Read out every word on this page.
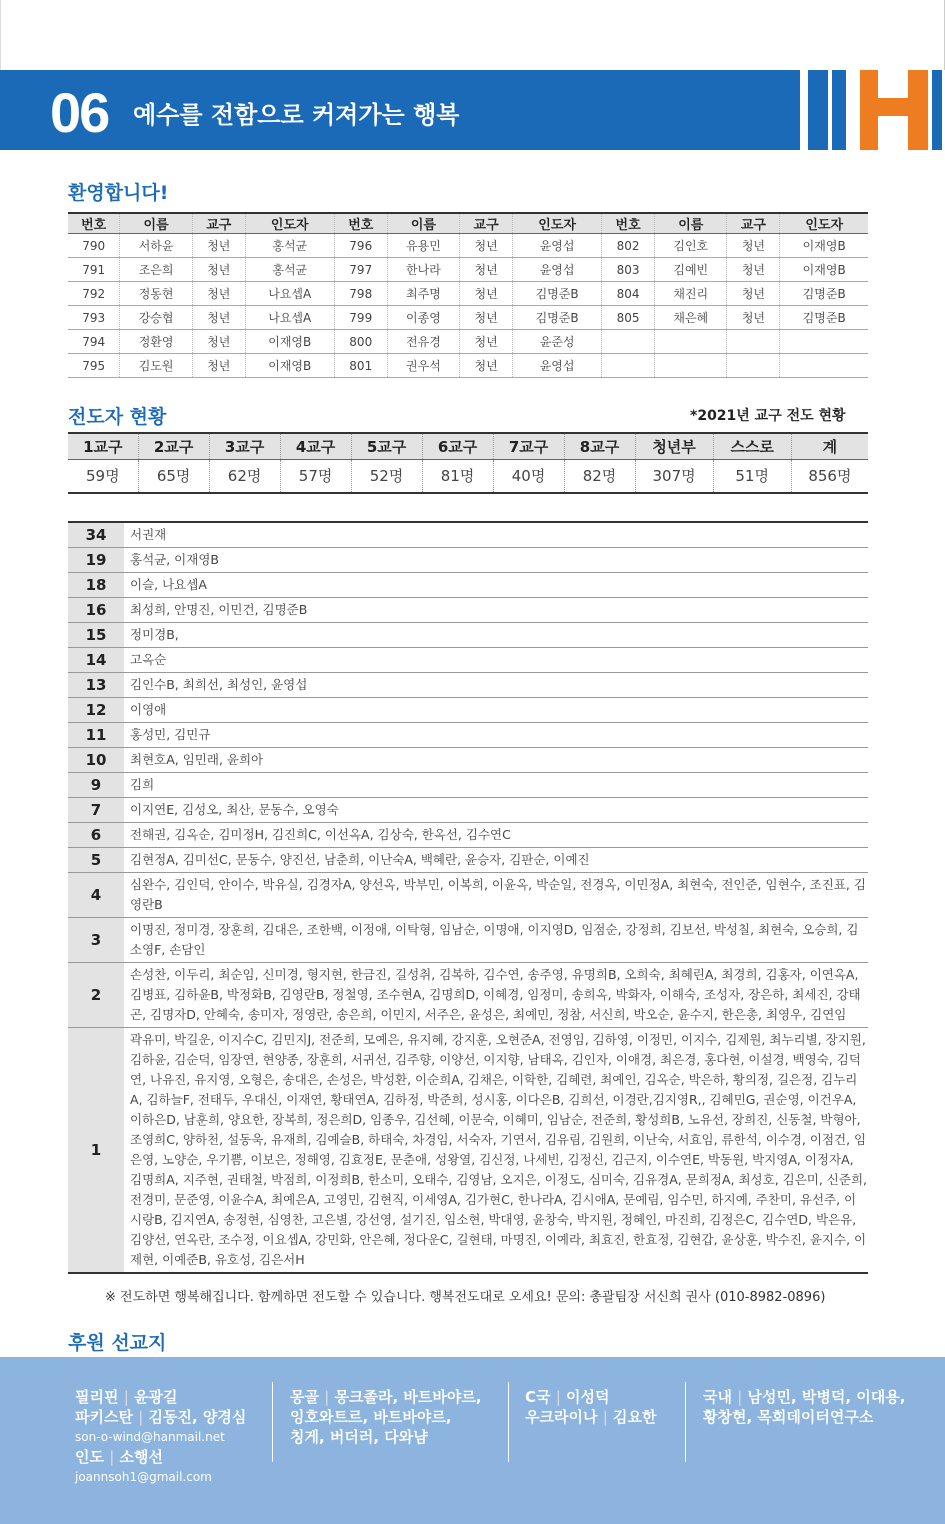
06 예수를 전함으로 커져가는 행복
환영합니다!
번호	이름	교구	인도자	번호	이름	교구	인도자	번호	이름	교구	인도자
790	서하윤	청년	홍석균	796	유용민	청년	윤영섭	802	김인호	청년	이재영B
791	조은희	청년	홍석균	797	한나라	청년	윤영섭	803	김예빈	청년	이재영B
792	정동현	청년	나요셉A	798	최주명	청년	김명준B	804	채진리	청년	김명준B
793	강승협	청년	나요셉A	799	이종영	청년	김명준B	805	채은혜	청년	김명준B
794	정환영	청년	이재영B	800	전유경	청년	윤준성				
795	김도원	청년	이재영B	801	권우석	청년	윤영섭				
전도자 현황	*2021년 교구 전도 현황
1교구	2교구	3교구	4교구	5교구	6교구	7교구	8교구	청년부	스스로	계
59명	65명	62명	57명	52명	81명	40명	82명	307명	51명	856명
34	서권재
19	홍석균, 이재영B
18	이슬, 나요셉A
16	최성희, 안명진, 이민건, 김명준B
15	정미경B,
14	고옥순
13	김인수B, 최희선, 최성인, 윤영섭
12	이영애
11	홍성민, 김민규
10	최현호A, 임민래, 윤희아
9	김희
7	이지연E, 김성오, 최산, 문동수, 오영숙
6	전해권, 김옥순, 김미정H, 김진희C, 이선옥A, 김상숙, 한옥선, 김수연C
5	김현정A, 김미선C, 문동수, 양진선, 남춘희, 이난숙A, 백혜란, 윤승자, 김판순, 이예진
4	심완수, 김인덕, 안이수, 박유실, 김경자A, 양선옥, 박부민, 이복희, 이윤옥, 박순일, 전경옥, 이민정A, 최현숙, 전인준, 임현수, 조진표, 김영란B
3	이명진, 정미경, 장훈희, 김대은, 조한백, 이정애, 이탁형, 임남순, 이명애, 이지영D, 임점순, 강정희, 김보선, 박성칠, 최현숙, 오승희, 김소영F, 손담인
2	손성찬, 이두리, 최순임, 신미경, 형지현, 한금진, 길성취, 김복하, 김수연, 송주영, 유명희B, 오희숙, 최혜린A, 최경희, 김홍자, 이연옥A, 김병표, 김하윤B, 박정화B, 김영란B, 정철영, 조수현A, 김명희D, 이혜경, 임정미, 송희옥, 박화자, 이해숙, 조성자, 장은하, 최세진, 강태곤, 김명자D, 안혜숙, 송미자, 정영란, 송은희, 이민지, 서주은, 윤성은, 최예민, 정참, 서신희, 박오순, 윤수지, 한은총, 최영우, 김연임
1	곽유미, 박길운, 이지수C, 김민지J, 전준희, 모예은, 유지혜, 강지훈, 오현준A, 전영임, 김하영, 이정민, 이지수, 김제원, 최누리별, 장지원, 김하윤, 김순덕, 임장연, 현양종, 장훈희, 서귀선, 김주향, 이양선, 이지향, 남태옥, 김인자, 이애경, 최은경, 홍다현, 이설경, 백영숙, 김덕연, 나유진, 유지영, 오형은, 송대은, 손성은, 박성환, 이순희A, 김채은, 이학한, 김혜련, 최예인, 김옥순, 박은하, 황의정, 길은정, 김누리A, 김하늘F, 전태두, 우대신, 이재연, 황태연A, 김하정, 박준희, 성시홍, 이다은B, 김희선, 이경란,김지영R,, 김혜민G, 권순영, 이건우A, 이하은D, 남훈희, 양요한, 장복희, 정은희D, 임종우, 김선혜, 이문숙, 이혜미, 임남순, 전준희, 황성희B, 노유선, 장희진, 신동철, 박형아, 조영희C, 양하천, 설동욱, 유재희, 김예슬B, 하태숙, 차경임, 서숙자, 기연서, 김유림, 김원희, 이난숙, 서효임, 류한석, 이수경, 이점건, 임은영, 노양순, 우기쁨, 이보은, 정해영, 김효정E, 문춘애, 성왕열, 김신정, 나세빈, 김정신, 김근지, 이수연E, 박동원, 박지영A, 이정자A, 김명희A, 지주현, 권태철, 박점희, 이정희B, 한소미, 오태수, 김영남, 오지은, 이정도, 심미숙, 김유경A, 문희정A, 최성호, 김은미, 신준희, 전경미, 문준영, 이윤수A, 최예은A, 고영민, 김현직, 이세영A, 김가현C, 한나라A, 김시애A, 문예림, 임수민, 하지예, 주찬미, 유선주, 이시랑B, 김지연A, 송정현, 심영찬, 고은별, 강선영, 설기진, 임소현, 박대영, 윤창숙, 박지원, 정혜인, 마진희, 김정은C, 김수연D, 박은유, 김양선, 연옥란, 조수정, 이요셉A, 강민화, 안은혜, 정다운C, 길현태, 마명진, 이예라, 최효진, 한효정, 김현갑, 윤상훈, 박수진, 윤지수, 이제현, 이예준B, 유호성, 김은서H
※ 전도하면 행복해집니다. 함께하면 전도할 수 있습니다. 행복전도대로 오세요! 문의: 총괄팀장 서신희 권사 (010-8982-0896)
후원 선교지
필리핀 | 윤광길
파키스탄 | 김동진, 양경심
son-o-wind@hanmail.net
인도 | 소행선
joannsoh1@gmail.com
몽골 | 몽크졸라, 바트바야르,
잉호와트르, 바트바야르,
칭게, 버더러, 다와냠
C국 | 이성덕
우크라이나 | 김요한
국내 | 남성민, 박병덕, 이대용,
황창현, 목회데이터연구소
